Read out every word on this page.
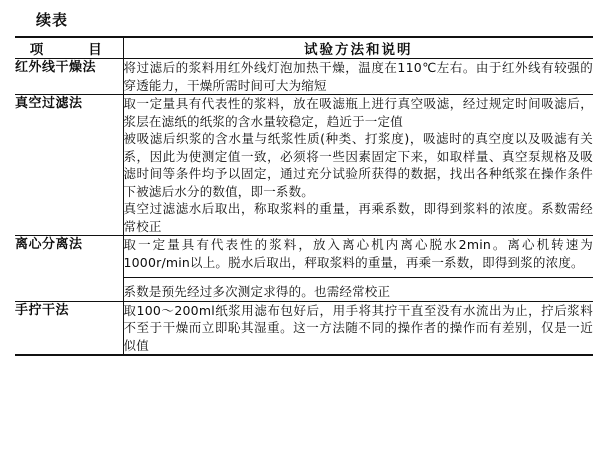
续表
项　　目	试验方法和说明
红外线干燥法	将过滤后的浆料用红外线灯泡加热干燥，温度在110℃左右。由于红外线有较强的穿透能力，干燥所需时间可大为缩短

真空过滤法	取一定量具有代表性的浆料，放在吸滤瓶上进行真空吸滤，经过规定时间吸滤后，浆层在滤纸的纸浆的含水量较稳定，趋近于一定值

被吸滤后织浆的含水量与纸浆性质(种类、打浆度)，吸滤时的真空度以及吸滤有关系，因此为使测定值一致，必须将一些因素固定下来，如取样量、真空泵规格及吸滤时间等条件均予以固定，通过充分试验所获得的数据，找出各种纸浆在操作条件下被滤后水分的数值，即一系数。

真空过滤滤水后取出，称取浆料的重量，再乘系数，即得到浆料的浓度。系数需经常校正

离心分离法	取一定量具有代表性的浆料，放入离心机内离心脱水2min。离心机转速为1000r/min以上。脱水后取出，秤取浆料的重量，再乘一系数，即得到浆的浓度。

系数是预先经过多次测定求得的。也需经常校正

手拧干法	取100～200ml纸浆用滤布包好后，用手将其拧干直至没有水流出为止，拧后浆料不至于干燥而立即恥其湿重。这一方法随不同的操作者的操作而有差别，仅是一近似值
